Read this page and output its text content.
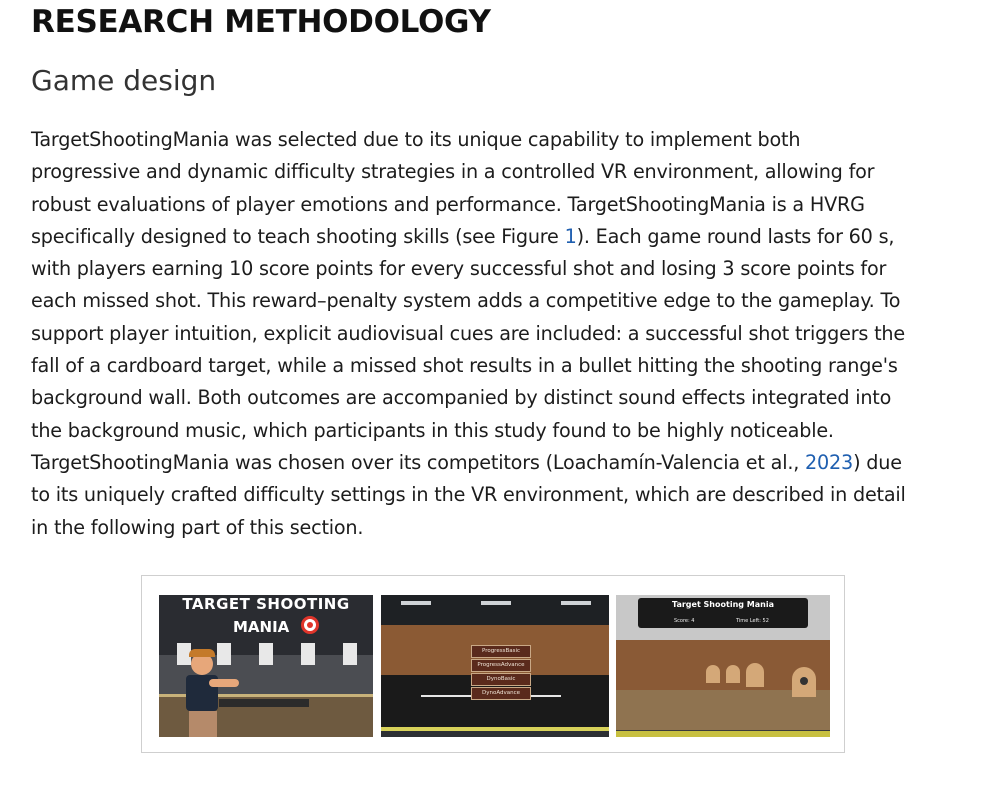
RESEARCH METHODOLOGY
Game design

TargetShootingMania was selected due to its unique capability to implement both
progressive and dynamic difficulty strategies in a controlled VR environment, allowing for
robust evaluations of player emotions and performance. TargetShootingMania is a HVRG
specifically designed to teach shooting skills (see Figure 1). Each game round lasts for 60 s,
with players earning 10 score points for every successful shot and losing 3 score points for
each missed shot. This reward–penalty system adds a competitive edge to the gameplay. To
support player intuition, explicit audiovisual cues are included: a successful shot triggers the
fall of a cardboard target, while a missed shot results in a bullet hitting the shooting range's
background wall. Both outcomes are accompanied by distinct sound effects integrated into
the background music, which participants in this study found to be highly noticeable.
TargetShootingMania was chosen over its competitors (Loachamín-Valencia et al., 2023) due
to its uniquely crafted difficulty settings in the VR environment, which are described in detail
in the following part of this section.

TARGET SHOOTING
MANIA
ProgressBasic
ProgressAdvance
DynoBasic
DynoAdvance
Target Shooting Mania
Score: 4	Time Left: 52
